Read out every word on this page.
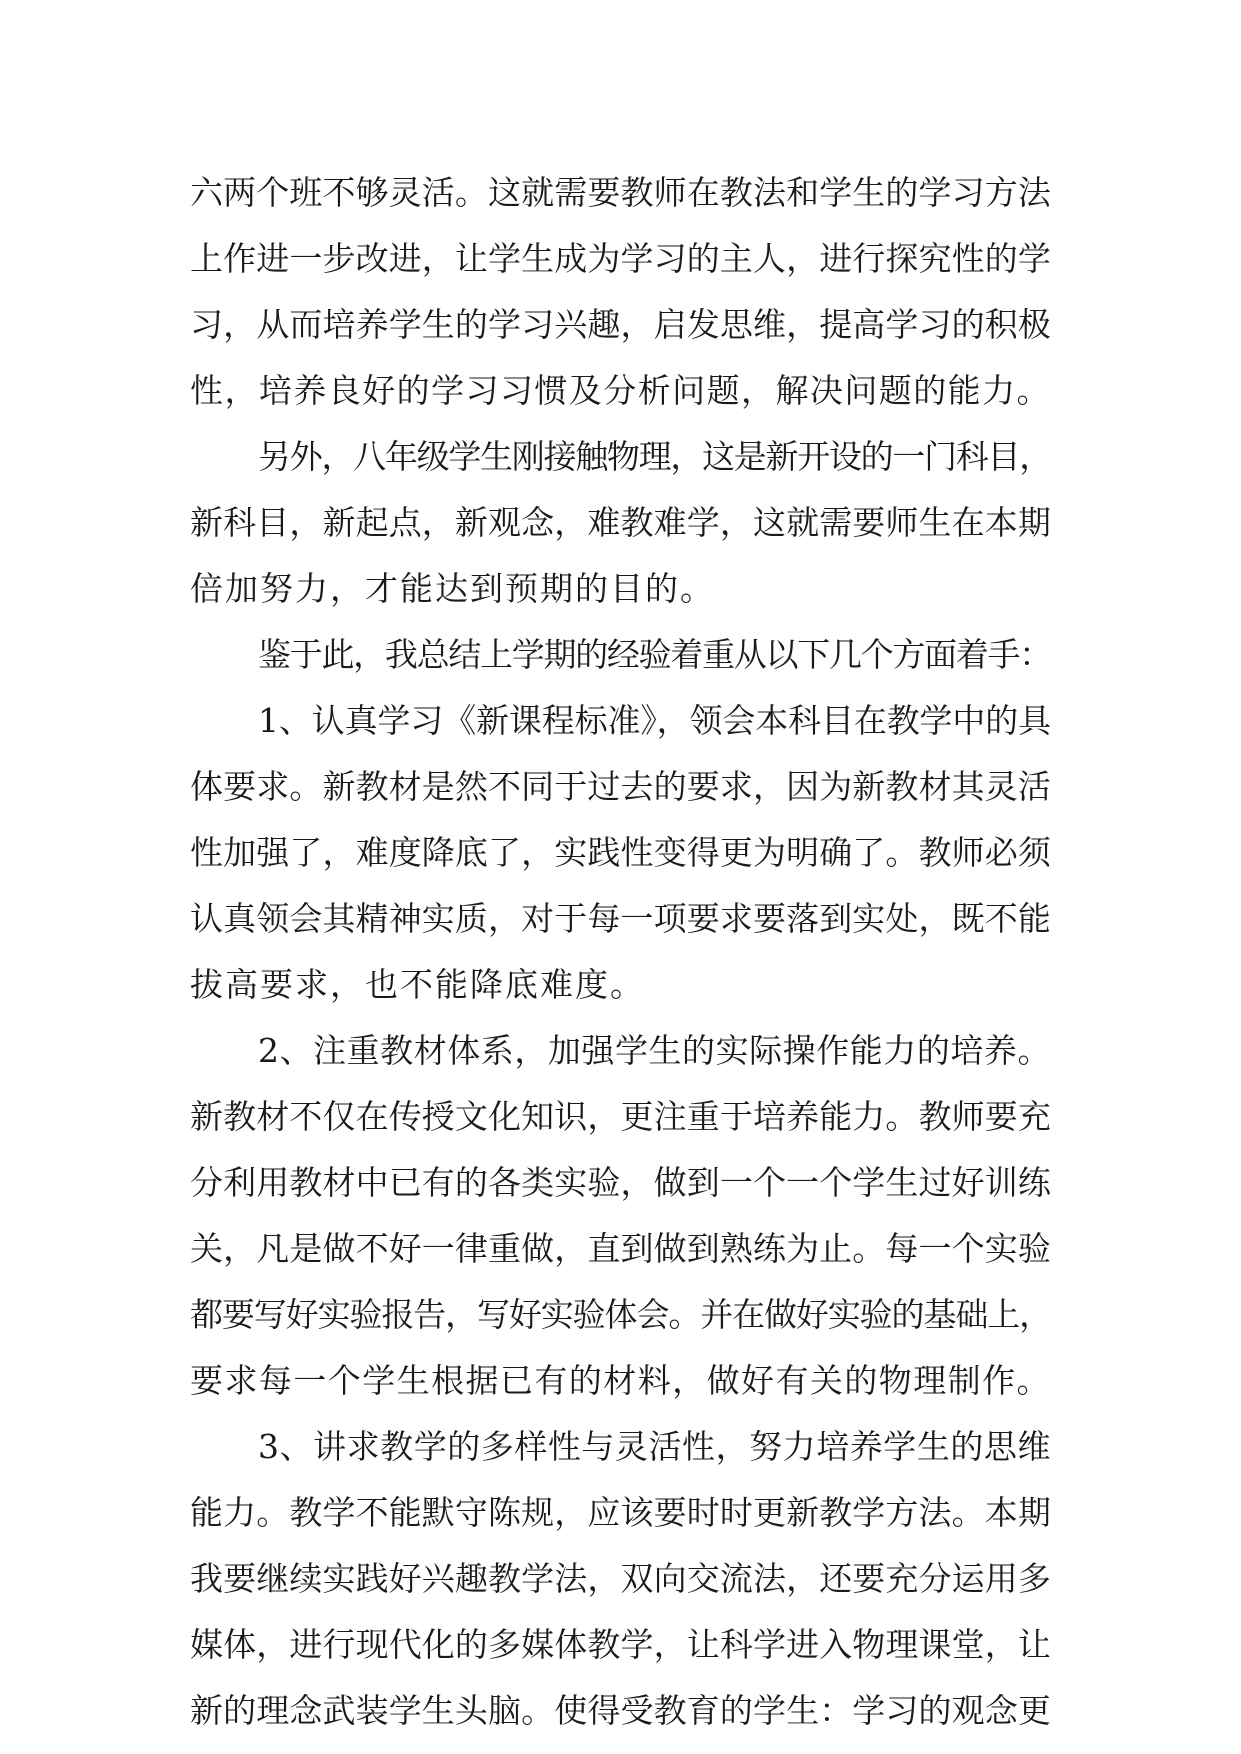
六两个班不够灵活。这就需要教师在教法和学生的学习方法
上作进一步改进，让学生成为学习的主人，进行探究性的学
习，从而培养学生的学习兴趣，启发思维，提高学习的积极
性，培养良好的学习习惯及分析问题，解决问题的能力。
另外，八年级学生刚接触物理，这是新开设的一门科目，
新科目，新起点，新观念，难教难学，这就需要师生在本期
倍加努力，才能达到预期的目的。
鉴于此，我总结上学期的经验着重从以下几个方面着手：
1、认真学习《新课程标准》，领会本科目在教学中的具
体要求。新教材是然不同于过去的要求，因为新教材其灵活
性加强了，难度降底了，实践性变得更为明确了。教师必须
认真领会其精神实质，对于每一项要求要落到实处，既不能
拔高要求，也不能降底难度。
2、注重教材体系，加强学生的实际操作能力的培养。
新教材不仅在传授文化知识，更注重于培养能力。教师要充
分利用教材中已有的各类实验，做到一个一个学生过好训练
关，凡是做不好一律重做，直到做到熟练为止。每一个实验
都要写好实验报告，写好实验体会。并在做好实验的基础上，
要求每一个学生根据已有的材料，做好有关的物理制作。
3、讲求教学的多样性与灵活性，努力培养学生的思维
能力。教学不能默守陈规，应该要时时更新教学方法。本期
我要继续实践好兴趣教学法，双向交流法，还要充分运用多
媒体，进行现代化的多媒体教学，让科学进入物理课堂，让
新的理念武装学生头脑。使得受教育的学生：学习的观念更
